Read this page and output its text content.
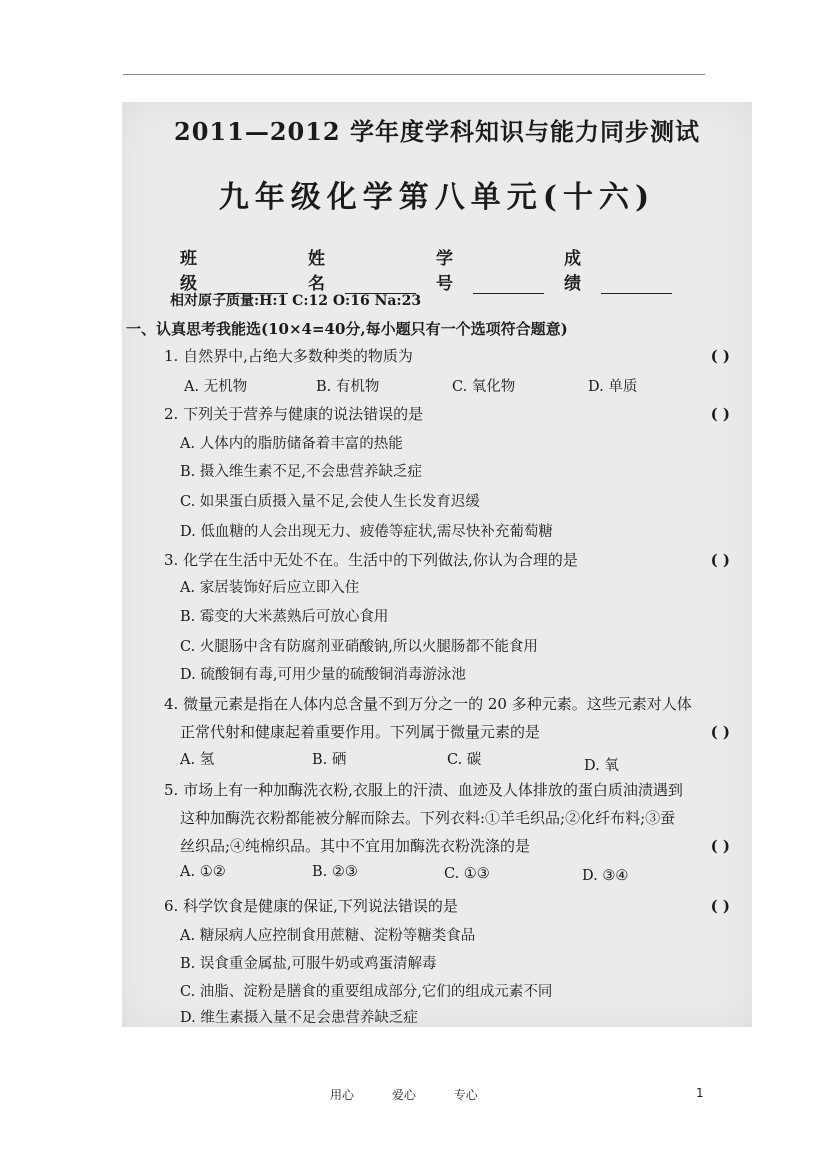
2011—2012 学年度学科知识与能力同步测试
九年级化学第八单元(十六)
班级
姓名
学号
成绩
相对原子质量:H:1 C:12 O:16 Na:23
一、认真思考我能选(10×4=40分,每小题只有一个选项符合题意)
1. 自然界中,占绝大多数种类的物质为	( )
A. 无机物	B. 有机物	C. 氧化物	D. 单质
2. 下列关于营养与健康的说法错误的是	( )
A. 人体内的脂肪储备着丰富的热能
B. 摄入维生素不足,不会患营养缺乏症
C. 如果蛋白质摄入量不足,会使人生长发育迟缓
D. 低血糖的人会出现无力、疲倦等症状,需尽快补充葡萄糖
3. 化学在生活中无处不在。生活中的下列做法,你认为合理的是	( )
A. 家居装饰好后应立即入住
B. 霉变的大米蒸熟后可放心食用
C. 火腿肠中含有防腐剂亚硝酸钠,所以火腿肠都不能食用
D. 硫酸铜有毒,可用少量的硫酸铜消毒游泳池
4. 微量元素是指在人体内总含量不到万分之一的 20 多种元素。这些元素对人体
正常代射和健康起着重要作用。下列属于微量元素的是	( )
A. 氢	B. 硒	C. 碳	D. 氧
5. 市场上有一种加酶洗衣粉,衣服上的汗渍、血迹及人体排放的蛋白质油渍遇到
这种加酶洗衣粉都能被分解而除去。下列衣料:①羊毛织品;②化纤布料;③蚕
丝织品;④纯棉织品。其中不宜用加酶洗衣粉洗涤的是	( )
A. ①②	B. ②③	C. ①③	D. ③④
6. 科学饮食是健康的保证,下列说法错误的是	( )
A. 糖尿病人应控制食用蔗糖、淀粉等糖类食品
B. 误食重金属盐,可服牛奶或鸡蛋清解毒
C. 油脂、淀粉是膳食的重要组成部分,它们的组成元素不同
D. 维生素摄入量不足会患营养缺乏症
用心	爱心	专心	1
